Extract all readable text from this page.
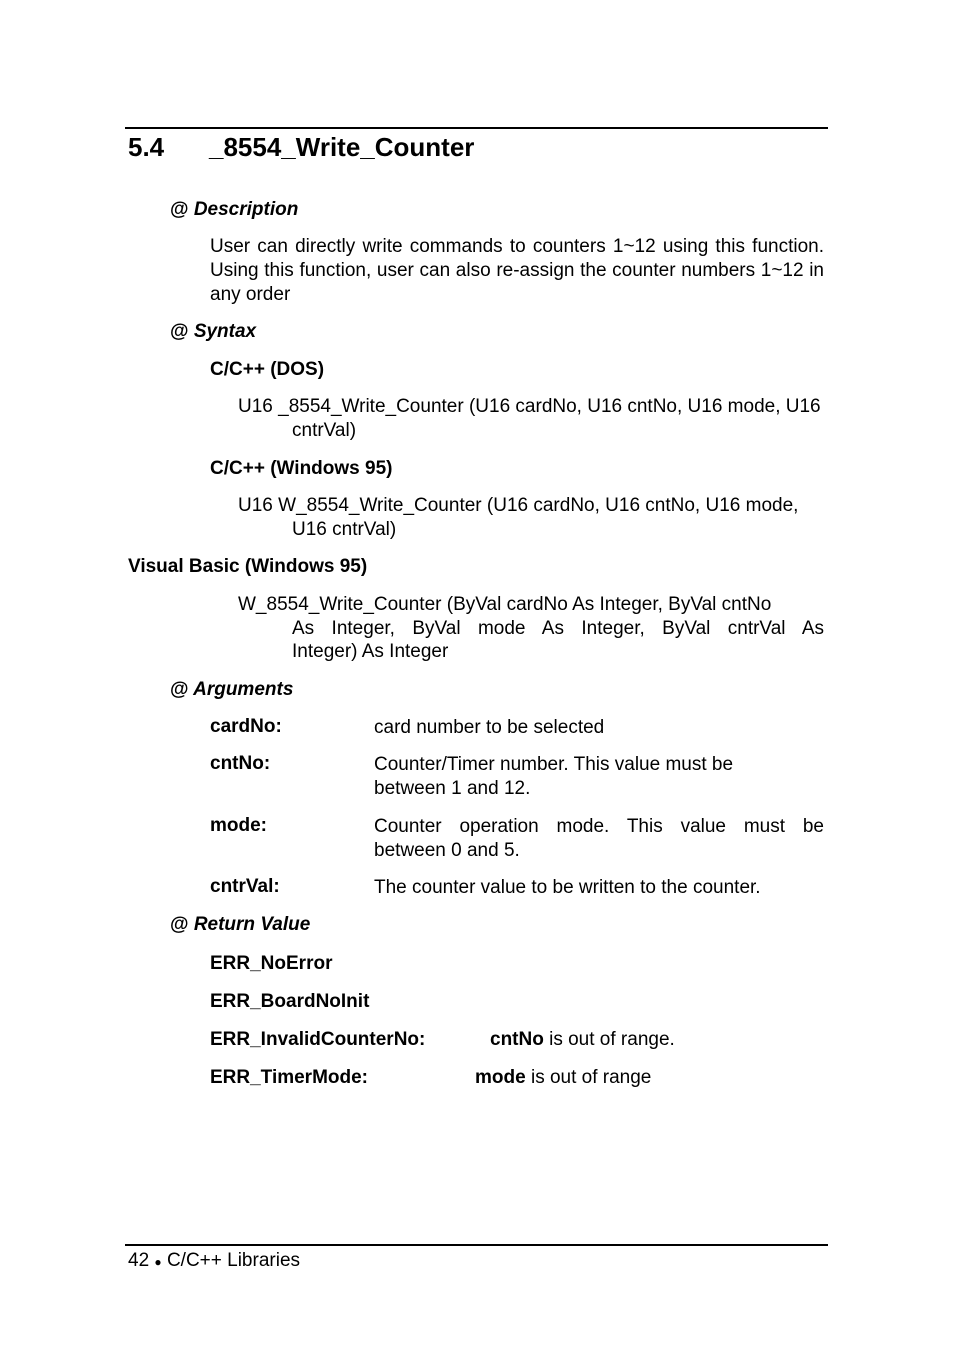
5.4 _8554_Write_Counter
@ Description
User can directly write commands to counters 1~12 using this function. Using this function, user can also re-assign the counter numbers 1~12 in any order
@ Syntax
C/C++ (DOS)
U16 _8554_Write_Counter (U16 cardNo, U16 cntNo, U16 mode, U16
cntrVal)
C/C++ (Windows 95)
U16 W_8554_Write_Counter (U16 cardNo, U16 cntNo, U16 mode,
U16 cntrVal)
Visual Basic (Windows 95)
W_8554_Write_Counter (ByVal cardNo As Integer, ByVal cntNo
As Integer, ByVal mode As Integer, ByVal cntrVal As
Integer) As Integer
@ Arguments
cardNo:	card number to be selected
cntNo:	Counter/Timer number. This value must be between 1 and 12.
mode:	Counter operation mode. This value must be between 0 and 5.
cntrVal:	The counter value to be written to the counter.
@ Return Value
ERR_NoError
ERR_BoardNoInit
ERR_InvalidCounterNo:	cntNo is out of range.
ERR_TimerMode:	mode is out of range
42 ● C/C++ Libraries
